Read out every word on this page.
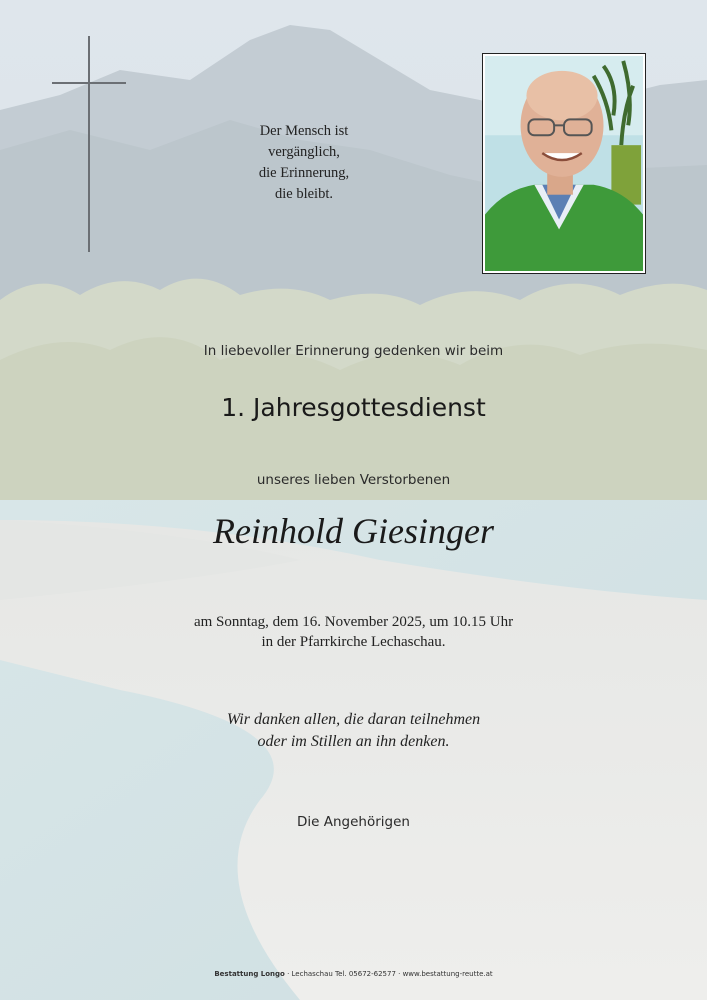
Der Mensch ist
vergänglich,
die Erinnerung,
die bleibt.
In liebevoller Erinnerung gedenken wir beim
1. Jahresgottesdienst
unseres lieben Verstorbenen
Reinhold Giesinger
am Sonntag, dem 16. November 2025, um 10.15 Uhr
in der Pfarrkirche Lechaschau.
Wir danken allen, die daran teilnehmen
oder im Stillen an ihn denken.
Die Angehörigen
Bestattung Longo · Lechaschau Tel. 05672-62577 · www.bestattung-reutte.at
